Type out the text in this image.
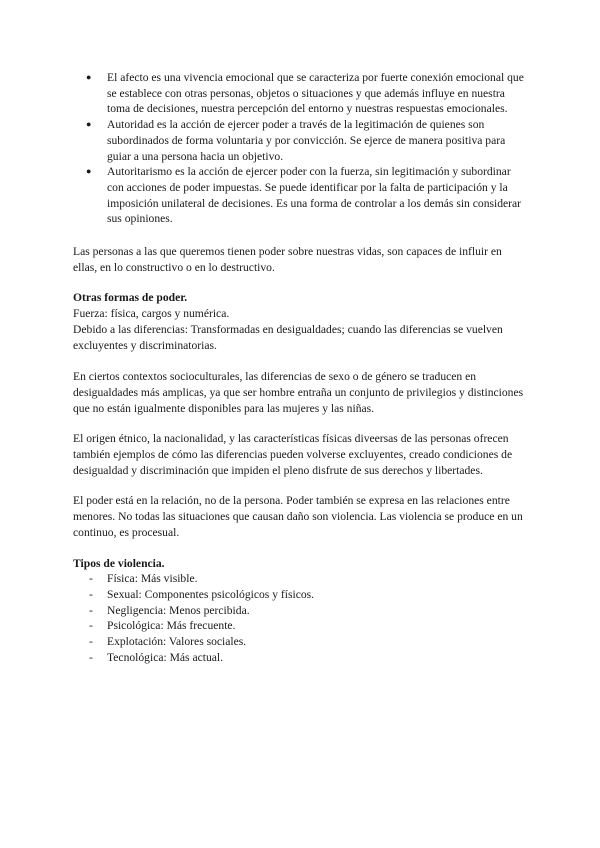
● El afecto es una vivencia emocional que se caracteriza por fuerte conexión emocional que se establece con otras personas, objetos o situaciones y que además influye en nuestra toma de decisiones, nuestra percepción del entorno y nuestras respuestas emocionales.
● Autoridad es la acción de ejercer poder a través de la legitimación de quienes son subordinados de forma voluntaria y por convicción. Se ejerce de manera positiva para guiar a una persona hacia un objetivo.
● Autoritarismo es la acción de ejercer poder con la fuerza, sin legitimación y subordinar con acciones de poder impuestas. Se puede identificar por la falta de participación y la imposición unilateral de decisiones. Es una forma de controlar a los demás sin considerar sus opiniones.

Las personas a las que queremos tienen poder sobre nuestras vidas, son capaces de influir en ellas, en lo constructivo o en lo destructivo.

Otras formas de poder.

Fuerza: física, cargos y numérica.

Debido a las diferencias: Transformadas en desigualdades; cuando las diferencias se vuelven excluyentes y discriminatorias.

En ciertos contextos socioculturales, las diferencias de sexo o de género se traducen en desigualdades más amplicas, ya que ser hombre entraña un conjunto de privilegios y distinciones que no están igualmente disponibles para las mujeres y las niñas.

El origen étnico, la nacionalidad, y las características físicas diveersas de las personas ofrecen también ejemplos de cómo las diferencias pueden volverse excluyentes, creado condiciones de desigualdad y discriminación que impiden el pleno disfrute de sus derechos y libertades.

El poder está en la relación, no de la persona. Poder también se expresa en las relaciones entre menores. No todas las situaciones que causan daño son violencia. Las violencia se produce en un continuo, es procesual.

Tipos de violencia.

- Física: Más visible.
- Sexual: Componentes psicológicos y físicos.
- Negligencia: Menos percibida.
- Psicológica: Más frecuente.
- Explotación: Valores sociales.
- Tecnológica: Más actual.
